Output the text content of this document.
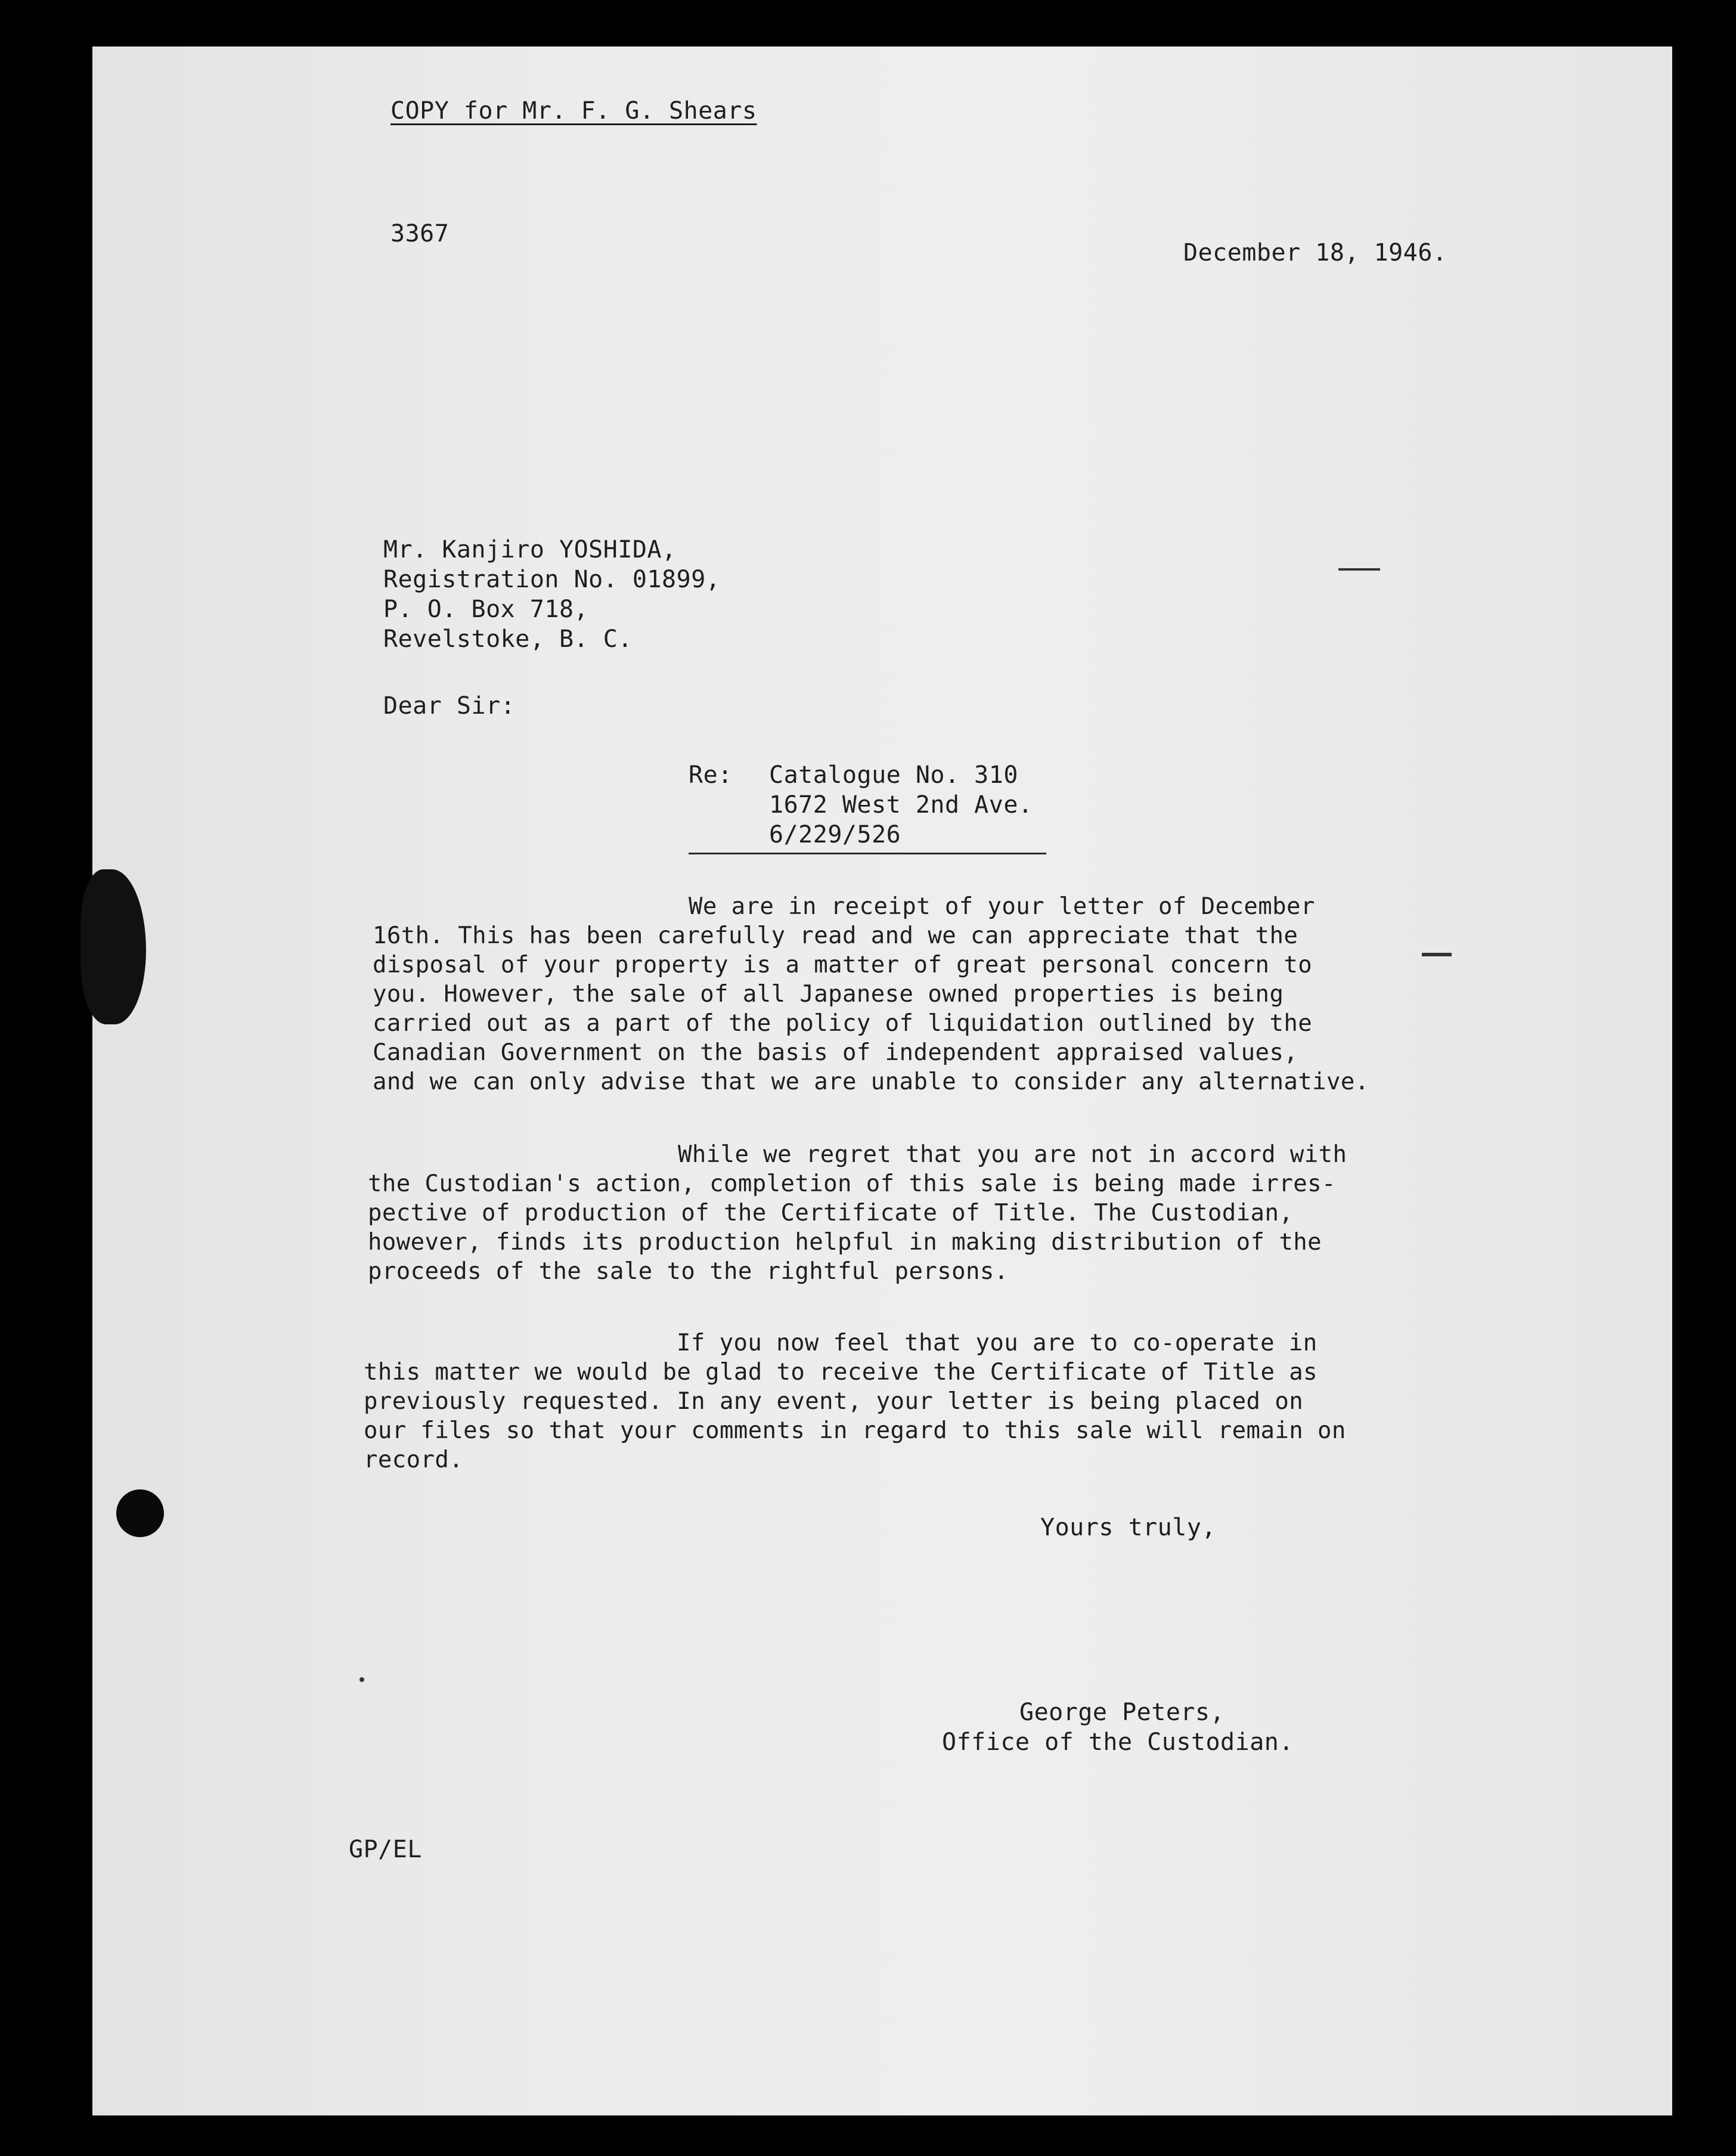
COPY for Mr. F. G. Shears
3367
December 18, 1946.
Mr. Kanjiro YOSHIDA,
Registration No. 01899,
P. O. Box 718,
Revelstoke, B. C.
Dear Sir:
Re: Catalogue No. 310
1672 West 2nd Ave.
6/229/526
We are in receipt of your letter of December
16th. This has been carefully read and we can appreciate that the
disposal of your property is a matter of great personal concern to
you. However, the sale of all Japanese owned properties is being
carried out as a part of the policy of liquidation outlined by the
Canadian Government on the basis of independent appraised values,
and we can only advise that we are unable to consider any alternative.
While we regret that you are not in accord with
the Custodian's action, completion of this sale is being made irres-
pective of production of the Certificate of Title. The Custodian,
however, finds its production helpful in making distribution of the
proceeds of the sale to the rightful persons.
If you now feel that you are to co-operate in
this matter we would be glad to receive the Certificate of Title as
previously requested. In any event, your letter is being placed on
our files so that your comments in regard to this sale will remain on
record.
Yours truly,
George Peters,
Office of the Custodian.
GP/EL
